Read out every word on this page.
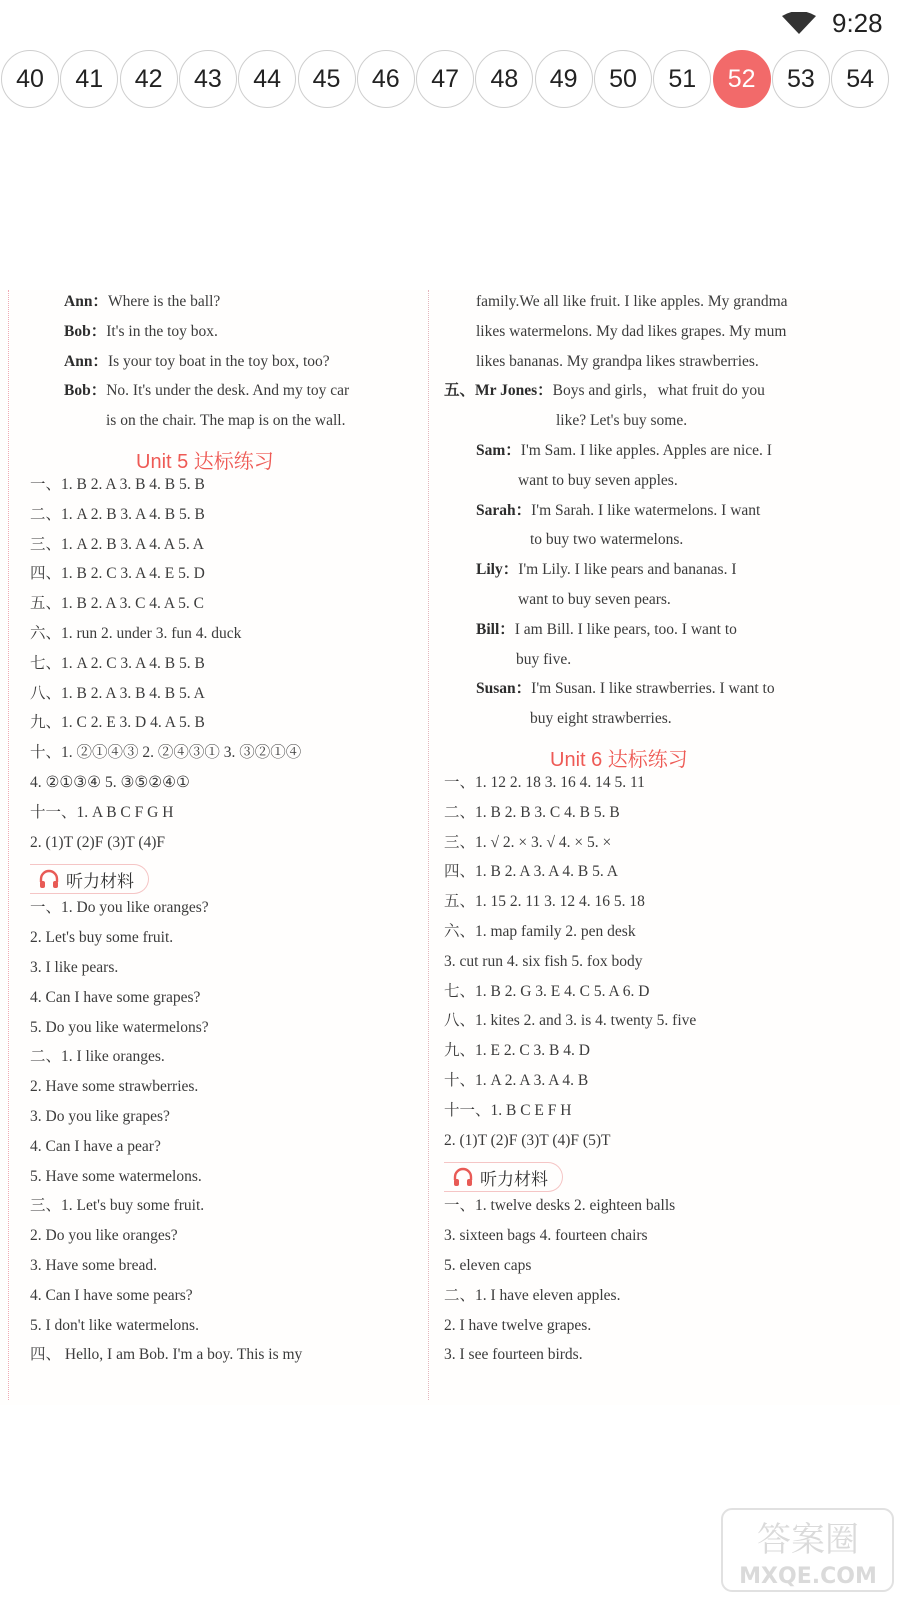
9:28
40	41	42	43	44	45	46	47	48	49	50	51	52	53	54
Ann：Where is the ball?
Bob：It's in the toy box.
Ann：Is your toy boat in the toy box, too?
Bob：No. It's under the desk. And my toy car
is on the chair. The map is on the wall.
Unit 5 达标练习
一、1. B 2. A 3. B 4. B 5. B
二、1. A 2. B 3. A 4. B 5. B
三、1. A 2. B 3. A 4. A 5. A
四、1. B 2. C 3. A 4. E 5. D
五、1. B 2. A 3. C 4. A 5. C
六、1. run 2. under 3. fun 4. duck
七、1. A 2. C 3. A 4. B 5. B
八、1. B 2. A 3. B 4. B 5. A
九、1. C 2. E 3. D 4. A 5. B
十、1. ②①④③ 2. ②④③① 3. ③②①④
4. ②①③④ 5. ③⑤②④①
十一、1. A B C F G H
2. (1)T (2)F (3)T (4)F
听力材料
一、1. Do you like oranges?
2. Let's buy some fruit.
3. I like pears.
4. Can I have some grapes?
5. Do you like watermelons?
二、1. I like oranges.
2. Have some strawberries.
3. Do you like grapes?
4. Can I have a pear?
5. Have some watermelons.
三、1. Let's buy some fruit.
2. Do you like oranges?
3. Have some bread.
4. Can I have some pears?
5. I don't like watermelons.
四、 Hello, I am Bob. I'm a boy. This is my
family.We all like fruit. I like apples. My grandma
likes watermelons. My dad likes grapes. My mum
likes bananas. My grandpa likes strawberries.
五、Mr Jones：Boys and girls，what fruit do you
like? Let's buy some.
Sam：I'm Sam. I like apples. Apples are nice. I
want to buy seven apples.
Sarah：I'm Sarah. I like watermelons. I want
to buy two watermelons.
Lily：I'm Lily. I like pears and bananas. I
want to buy seven pears.
Bill：I am Bill. I like pears, too. I want to
buy five.
Susan：I'm Susan. I like strawberries. I want to
buy eight strawberries.
Unit 6 达标练习
一、1. 12 2. 18 3. 16 4. 14 5. 11
二、1. B 2. B 3. C 4. B 5. B
三、1. √ 2. × 3. √ 4. × 5. ×
四、1. B 2. A 3. A 4. B 5. A
五、1. 15 2. 11 3. 12 4. 16 5. 18
六、1. map family 2. pen desk
3. cut run 4. six fish 5. fox body
七、1. B 2. G 3. E 4. C 5. A 6. D
八、1. kites 2. and 3. is 4. twenty 5. five
九、1. E 2. C 3. B 4. D
十、1. A 2. A 3. A 4. B
十一、1. B C E F H
2. (1)T (2)F (3)T (4)F (5)T
听力材料
一、1. twelve desks 2. eighteen balls
3. sixteen bags 4. fourteen chairs
5. eleven caps
二、1. I have eleven apples.
2. I have twelve grapes.
3. I see fourteen birds.
答案圈
MXQE.COM
